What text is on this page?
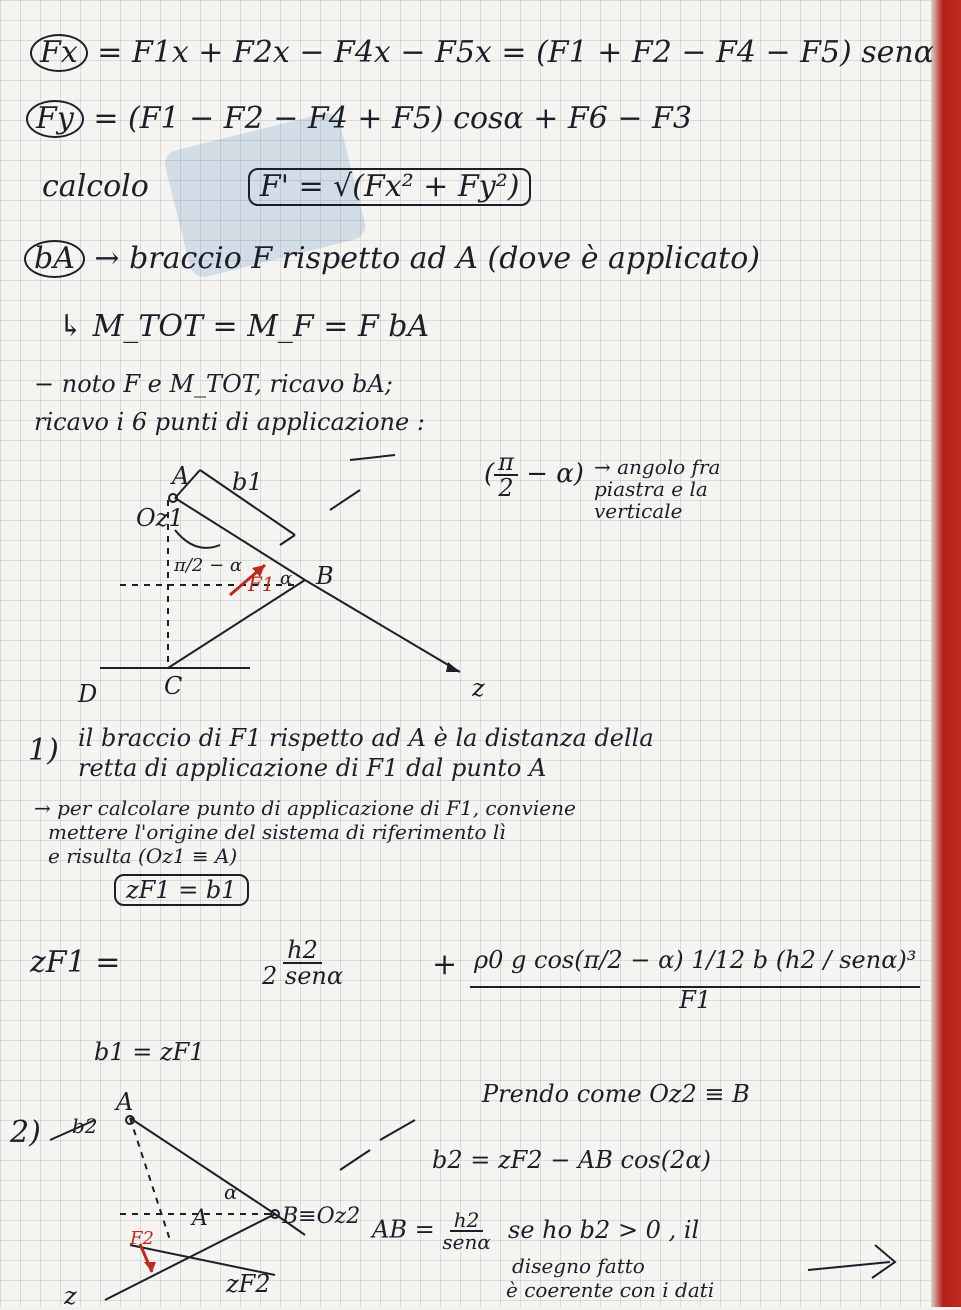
Fx = F1x + F2x − F4x − F5x = (F1 + F2 − F4 − F5) senα
Fy = (F1 − F2 − F4 + F5) cosα + F6 − F3
calcolo	F' = √(Fx² + Fy²)
bA → braccio F rispetto ad A (dove è applicato)
↳ M_TOT = M_F = F bA
− noto F e M_TOT, ricavo bA;
ricavo i 6 punti di applicazione :
( $\frac{\pi}{2} - \alpha$) → angolo fra piastra e la verticale
A b1
Oz1
π/2 − α
F1 α B
C
D	z
1) il braccio di F1 rispetto ad A è la distanza della
retta di applicazione di F1 dal punto A
→ per calcolare punto di applicazione di F1, conviene
mettere l'origine del sistema di riferimento lì
e risulta (Oz1 ≡ A)
zF1 = b1
zF1 =	$\frac{h2}{\text{2 senα}}$	+ $\frac{\text{ρ0 g cos(π/2 − α) 1/12 b (h2 / senα)³}}{F1}$
b1 = zF1
Prendo come Oz2 ≡ B
b2 = zF2 − AB cos(2α)
2)
A
b2
α
A	B≡Oz2
F2
zF2
z
AB = $\frac{h2}{\text{senα}}$ se ho b2 > 0 , il
disegno fatto
è coerente con i dati
